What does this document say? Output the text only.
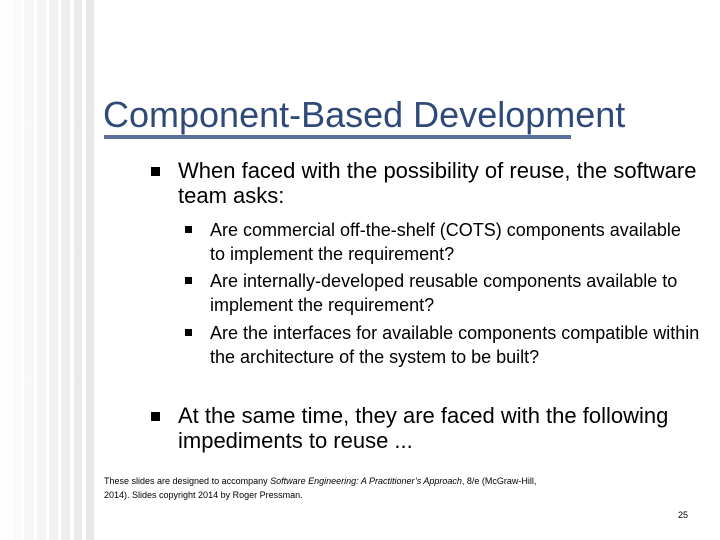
Component-Based Development

When faced with the possibility of reuse, the software team asks:

Are commercial off-the-shelf (COTS) components available to implement the requirement?

Are internally-developed reusable components available to implement the requirement?

Are the interfaces for available components compatible within the architecture of the system to be built?

At the same time, they are faced with the following impediments to reuse ...

These slides are designed to accompany Software Engineering: A Practitioner’s Approach, 8/e (McGraw-Hill, 2014). Slides copyright 2014 by Roger Pressman.
25
